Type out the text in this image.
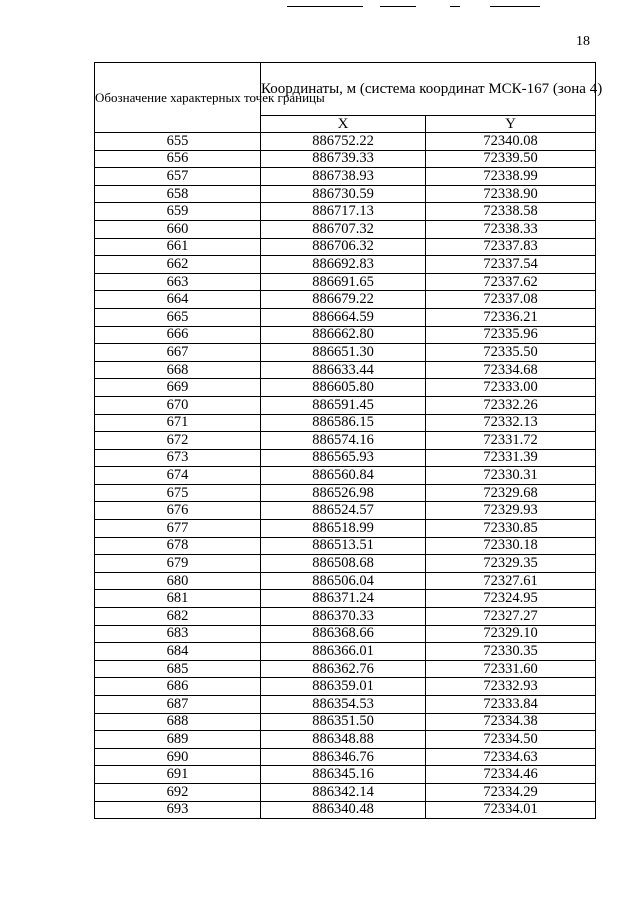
18
Обозначение характерных точек границы	Координаты, м (система координат МСК-167 (зона 4)	
	X	Y
655	886752.22	72340.08
656	886739.33	72339.50
657	886738.93	72338.99
658	886730.59	72338.90
659	886717.13	72338.58
660	886707.32	72338.33
661	886706.32	72337.83
662	886692.83	72337.54
663	886691.65	72337.62
664	886679.22	72337.08
665	886664.59	72336.21
666	886662.80	72335.96
667	886651.30	72335.50
668	886633.44	72334.68
669	886605.80	72333.00
670	886591.45	72332.26
671	886586.15	72332.13
672	886574.16	72331.72
673	886565.93	72331.39
674	886560.84	72330.31
675	886526.98	72329.68
676	886524.57	72329.93
677	886518.99	72330.85
678	886513.51	72330.18
679	886508.68	72329.35
680	886506.04	72327.61
681	886371.24	72324.95
682	886370.33	72327.27
683	886368.66	72329.10
684	886366.01	72330.35
685	886362.76	72331.60
686	886359.01	72332.93
687	886354.53	72333.84
688	886351.50	72334.38
689	886348.88	72334.50
690	886346.76	72334.63
691	886345.16	72334.46
692	886342.14	72334.29
693	886340.48	72334.01
